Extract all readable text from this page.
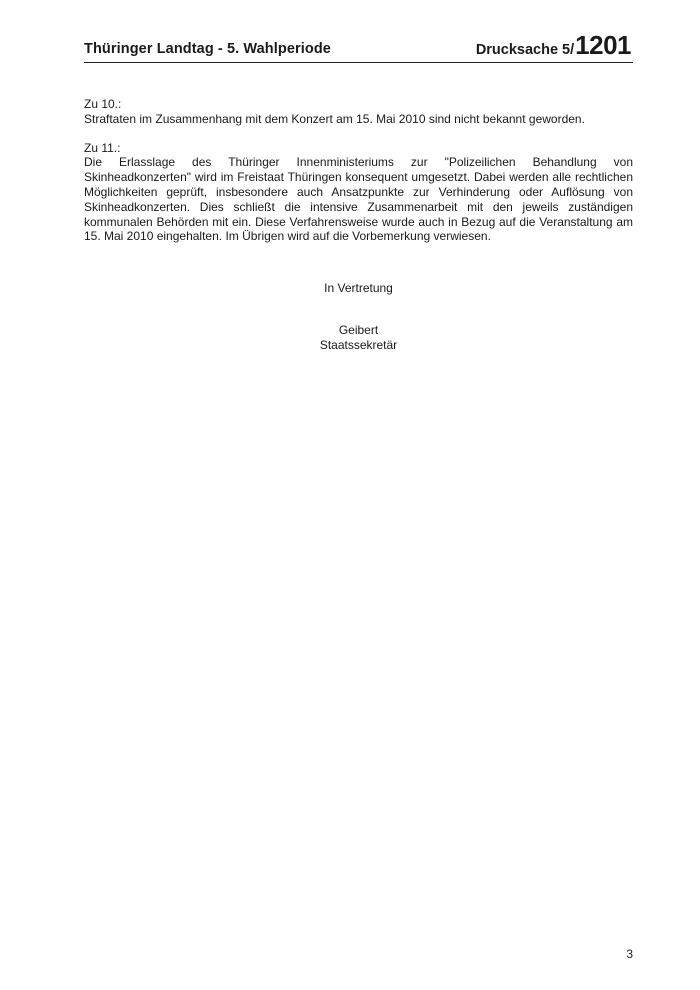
Thüringer Landtag - 5. Wahlperiode	Drucksache 5/ 1201

Zu 10.:

Straftaten im Zusammenhang mit dem Konzert am 15. Mai 2010 sind nicht bekannt geworden.

Zu 11.:

Die Erlasslage des Thüringer Innenministeriums zur "Polizeilichen Behandlung von Skinheadkonzerten" wird im Freistaat Thüringen konsequent umgesetzt. Dabei werden alle rechtlichen Möglichkeiten geprüft, insbesondere auch Ansatzpunkte zur Verhinderung oder Auflösung von Skinheadkonzerten. Dies schließt die intensive Zusammenarbeit mit den jeweils zuständigen kommunalen Behörden mit ein. Diese Verfahrensweise wurde auch in Bezug auf die Veranstaltung am 15. Mai 2010 eingehalten. Im Übrigen wird auf die Vorbemerkung verwiesen.

In Vertretung
Geibert
Staatssekretär
3
